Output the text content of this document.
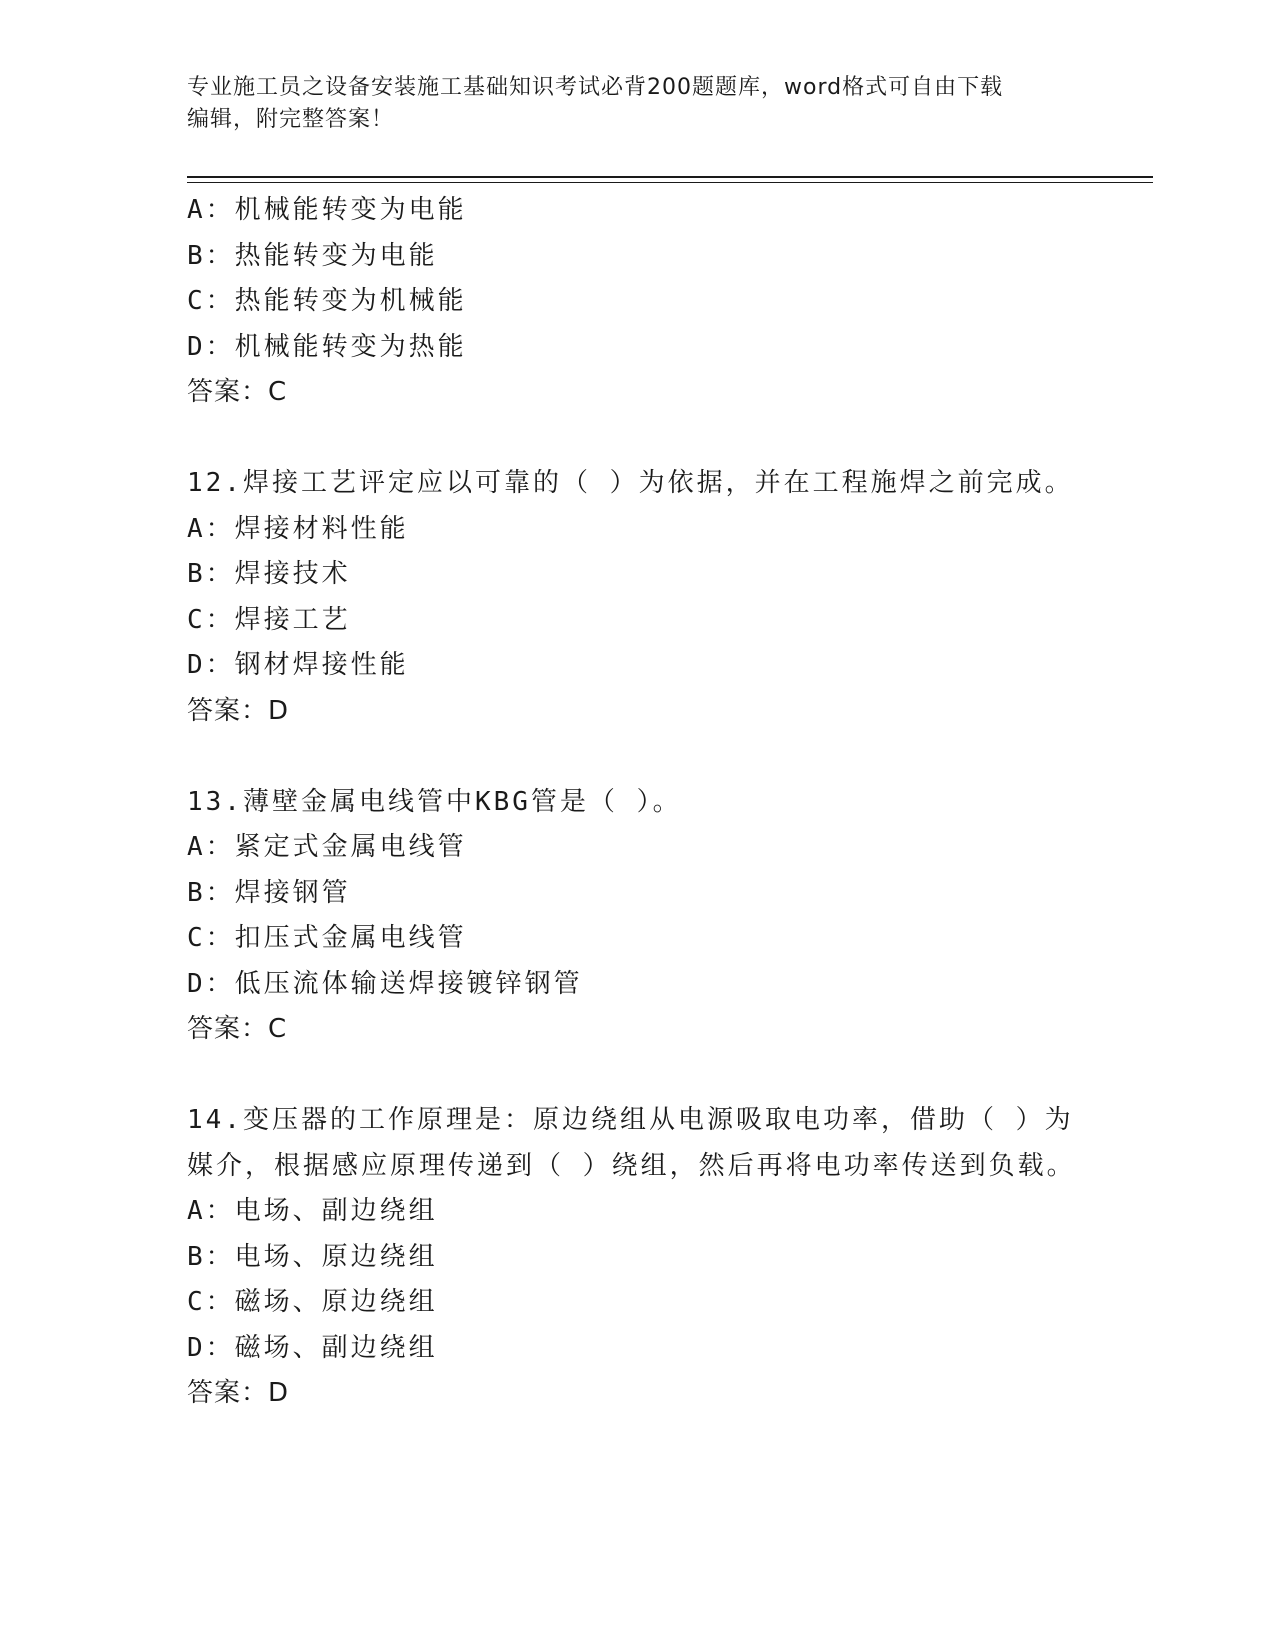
专业施工员之设备安装施工基础知识考试必背200题题库，word格式可自由下载
编辑，附完整答案！
A：机械能转变为电能
B：热能转变为电能
C：热能转变为机械能
D：机械能转变为热能
答案：C
12.焊接工艺评定应以可靠的（ ）为依据，并在工程施焊之前完成。
A：焊接材料性能
B：焊接技术
C：焊接工艺
D：钢材焊接性能
答案：D
13.薄壁金属电线管中KBG管是（ ）。
A：紧定式金属电线管
B：焊接钢管
C：扣压式金属电线管
D：低压流体输送焊接镀锌钢管
答案：C
14.变压器的工作原理是：原边绕组从电源吸取电功率，借助（ ）为
媒介，根据感应原理传递到（ ）绕组，然后再将电功率传送到负载。
A：电场、副边绕组
B：电场、原边绕组
C：磁场、原边绕组
D：磁场、副边绕组
答案：D
